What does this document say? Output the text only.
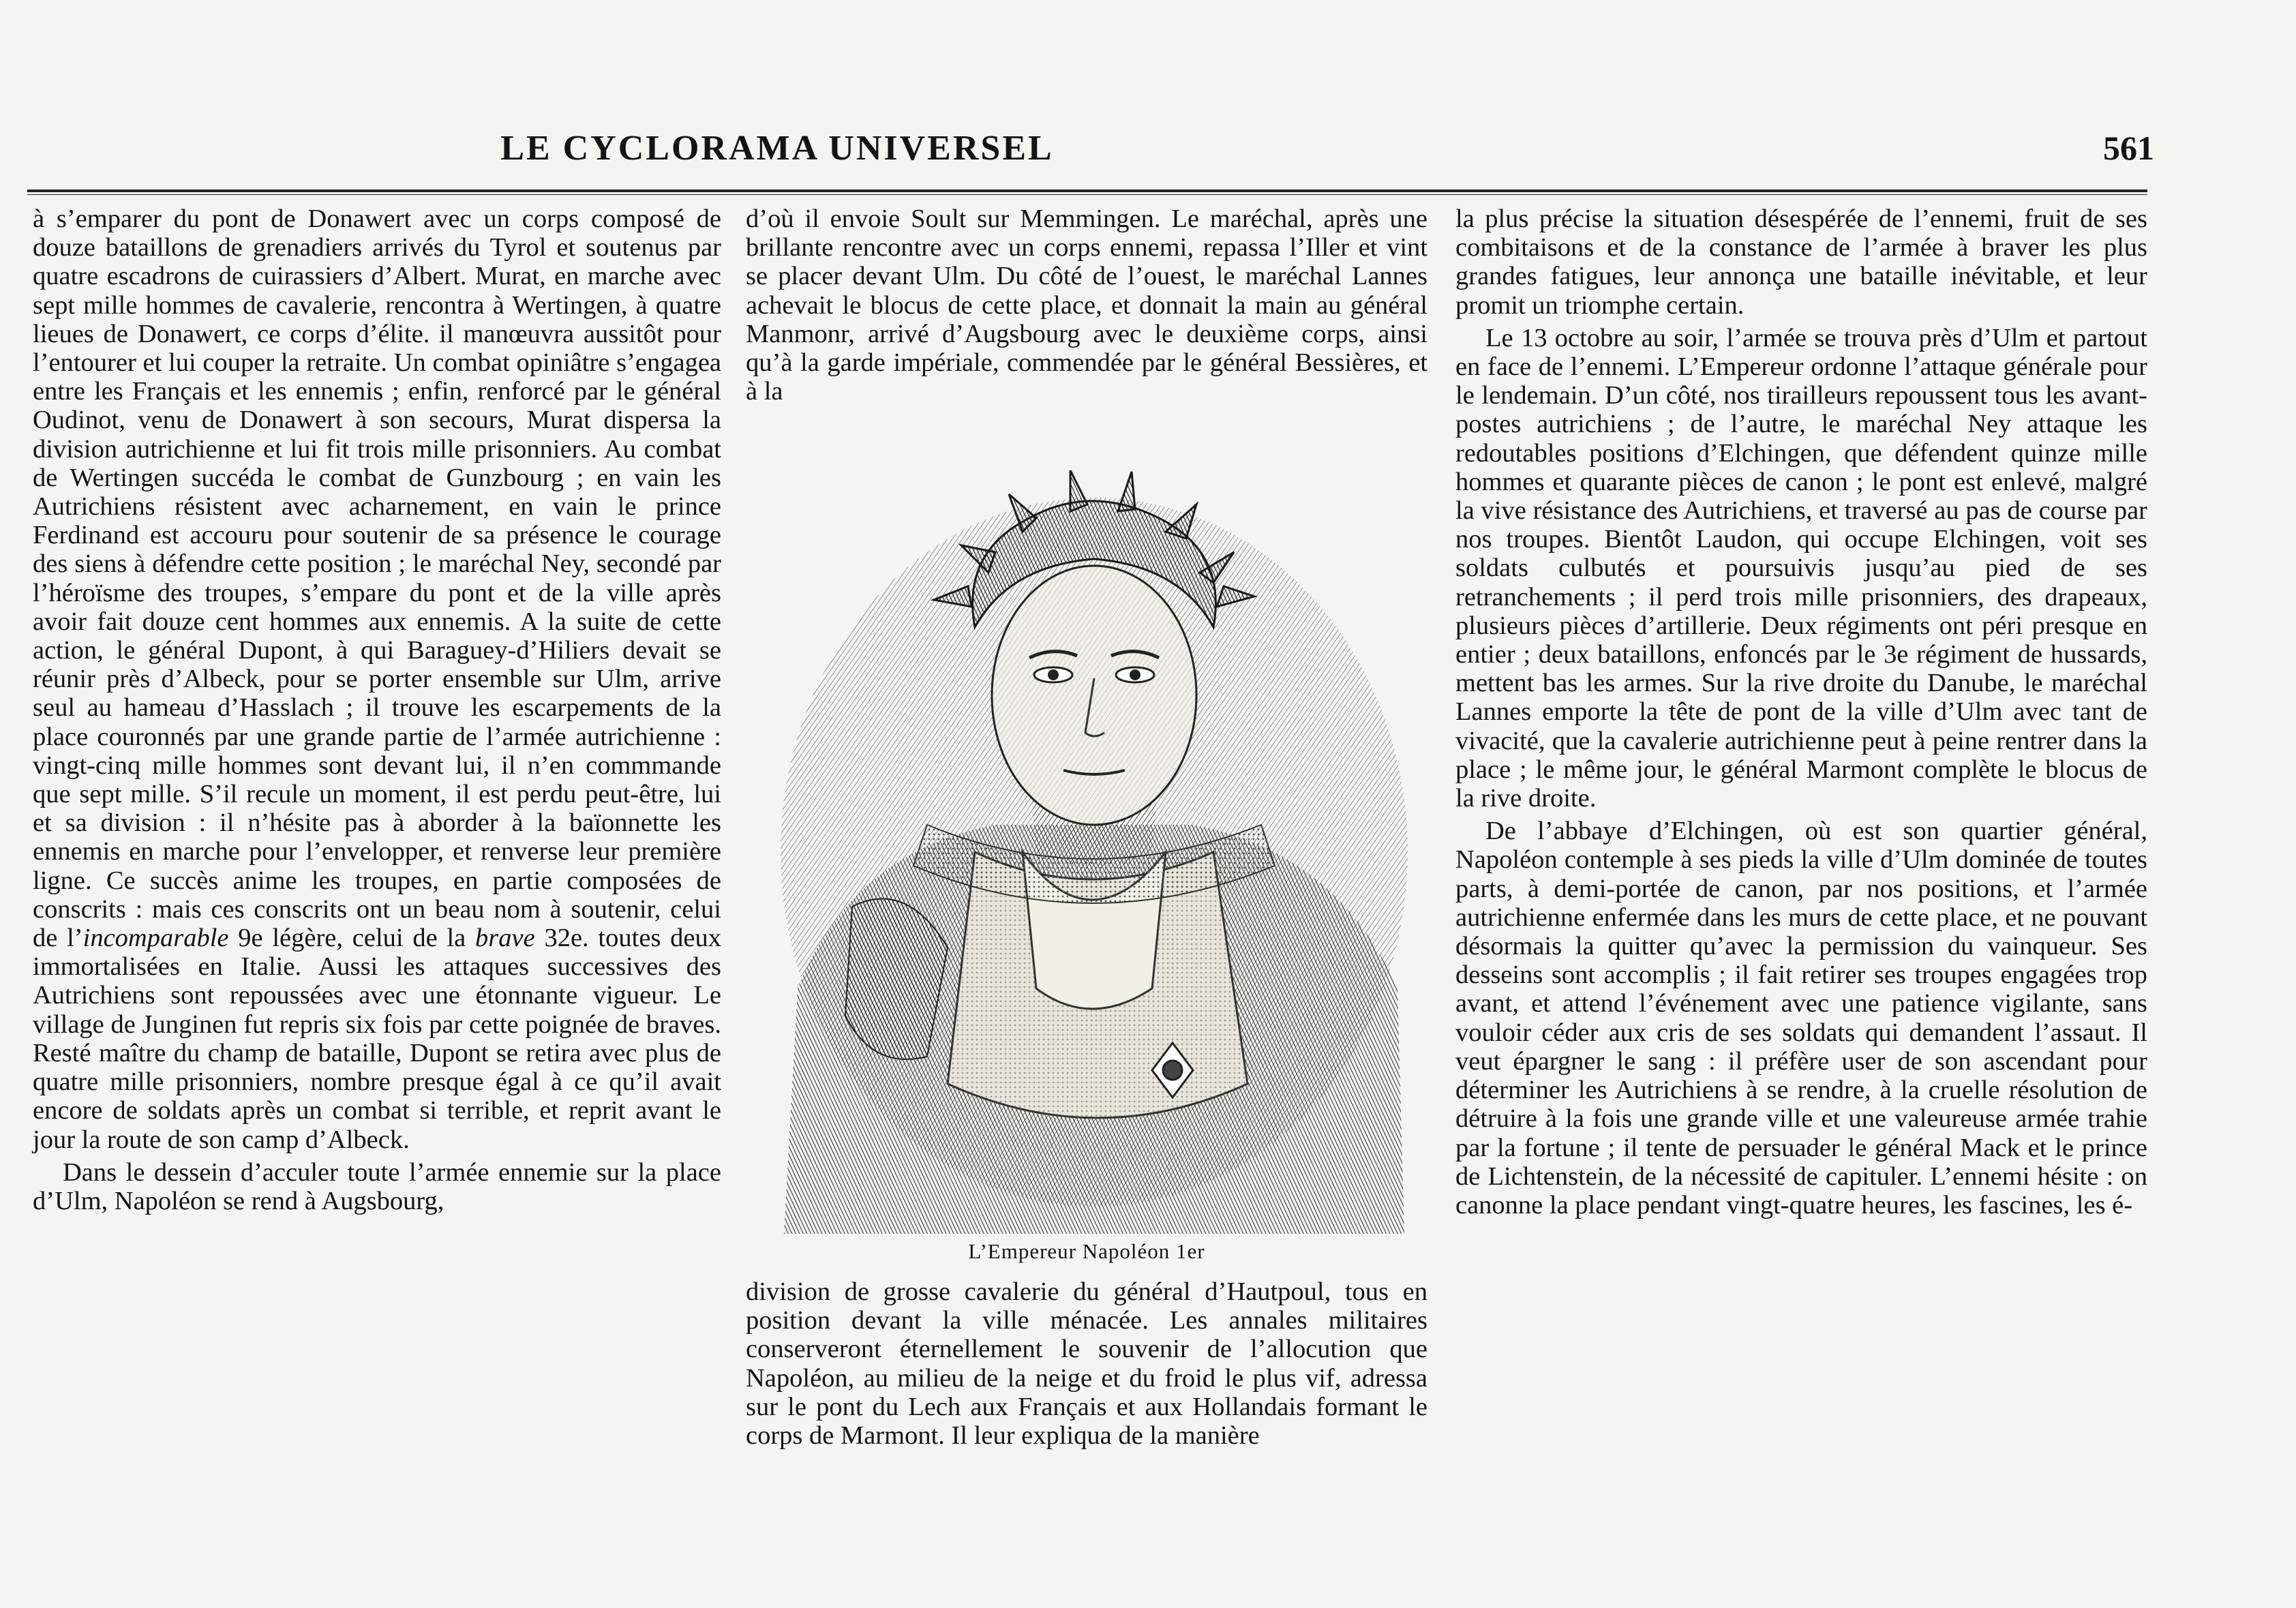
LE CYCLORAMA UNIVERSEL	561

à s’emparer du pont de Donawert avec un corps composé de douze bataillons de grenadiers arrivés du Tyrol et soutenus par quatre escadrons de cuirassiers d’Albert. Murat, en marche avec sept mille hommes de cavalerie, rencontra à Wertingen, à quatre lieues de Donawert, ce corps d’élite. il manœuvra aussitôt pour l’entourer et lui couper la retraite. Un combat opiniâtre s’engagea entre les Français et les ennemis ; enfin, renforcé par le général Oudinot, venu de Donawert à son secours, Murat dispersa la division autrichienne et lui fit trois mille prisonniers. Au combat de Wertingen succéda le combat de Gunzbourg ; en vain les Autrichiens résistent avec acharnement, en vain le prince Ferdinand est accouru pour soutenir de sa présence le courage des siens à défendre cette position ; le maréchal Ney, secondé par l’héroïsme des troupes, s’empare du pont et de la ville après avoir fait douze cent hommes aux ennemis. A la suite de cette action, le général Dupont, à qui Baraguey-d’Hiliers devait se réunir près d’Albeck, pour se porter ensemble sur Ulm, arrive seul au hameau d’Hasslach ; il trouve les escarpements de la place couronnés par une grande partie de l’armée autrichienne : vingt-cinq mille hommes sont devant lui, il n’en commmande que sept mille. S’il recule un moment, il est perdu peut-être, lui et sa division : il n’hésite pas à aborder à la baïonnette les ennemis en marche pour l’envelopper, et renverse leur première ligne. Ce succès anime les troupes, en partie composées de conscrits : mais ces conscrits ont un beau nom à soutenir, celui de l’incomparable 9e légère, celui de la brave 32e. toutes deux immortalisées en Italie. Aussi les attaques successives des Autrichiens sont repoussées avec une étonnante vigueur. Le village de Junginen fut repris six fois par cette poignée de braves. Resté maître du champ de bataille, Dupont se retira avec plus de quatre mille prisonniers, nombre presque égal à ce qu’il avait encore de soldats après un combat si terrible, et reprit avant le jour la route de son camp d’Albeck.

Dans le dessein d’acculer toute l’armée ennemie sur la place d’Ulm, Napoléon se rend à Augsbourg,

d’où il envoie Soult sur Memmingen. Le maréchal, après une brillante rencontre avec un corps ennemi, repassa l’Iller et vint se placer devant Ulm. Du côté de l’ouest, le maréchal Lannes achevait le blocus de cette place, et donnait la main au général Manmonr, arrivé d’Augsbourg avec le deuxième corps, ainsi qu’à la garde impériale, commendée par le général Bessières, et à la

L’Empereur Napoléon 1er

division de grosse cavalerie du général d’Hautpoul, tous en position devant la ville ménacée. Les annales militaires conserveront éternellement le souvenir de l’allocution que Napoléon, au milieu de la neige et du froid le plus vif, adressa sur le pont du Lech aux Français et aux Hollandais formant le corps de Marmont. Il leur expliqua de la manière

la plus précise la situation désespérée de l’ennemi, fruit de ses combitaisons et de la constance de l’armée à braver les plus grandes fatigues, leur annonça une bataille inévitable, et leur promit un triomphe certain.

Le 13 octobre au soir, l’armée se trouva près d’Ulm et partout en face de l’ennemi. L’Empereur ordonne l’attaque générale pour le lendemain. D’un côté, nos tirailleurs repoussent tous les avant-postes autrichiens ; de l’autre, le maréchal Ney attaque les redoutables positions d’Elchingen, que défendent quinze mille hommes et quarante pièces de canon ; le pont est enlevé, malgré la vive résistance des Autrichiens, et traversé au pas de course par nos troupes. Bientôt Laudon, qui occupe Elchingen, voit ses soldats culbutés et poursuivis jusqu’au pied de ses retranchements ; il perd trois mille prisonniers, des drapeaux, plusieurs pièces d’artillerie. Deux régiments ont péri presque en entier ; deux bataillons, enfoncés par le 3e régiment de hussards, mettent bas les armes. Sur la rive droite du Danube, le maréchal Lannes emporte la tête de pont de la ville d’Ulm avec tant de vivacité, que la cavalerie autrichienne peut à peine rentrer dans la place ; le même jour, le général Marmont complète le blocus de la rive droite.

De l’abbaye d’Elchingen, où est son quartier général, Napoléon contemple à ses pieds la ville d’Ulm dominée de toutes parts, à demi-portée de canon, par nos positions, et l’armée autrichienne enfermée dans les murs de cette place, et ne pouvant désormais la quitter qu’avec la permission du vainqueur. Ses desseins sont accomplis ; il fait retirer ses troupes engagées trop avant, et attend l’événement avec une patience vigilante, sans vouloir céder aux cris de ses soldats qui demandent l’assaut. Il veut épargner le sang : il préfère user de son ascendant pour déterminer les Autrichiens à se rendre, à la cruelle résolution de détruire à la fois une grande ville et une valeureuse armée trahie par la fortune ; il tente de persuader le général Mack et le prince de Lichtenstein, de la nécessité de capituler. L’ennemi hésite : on canonne la place pendant vingt-quatre heures, les fascines, les é-
